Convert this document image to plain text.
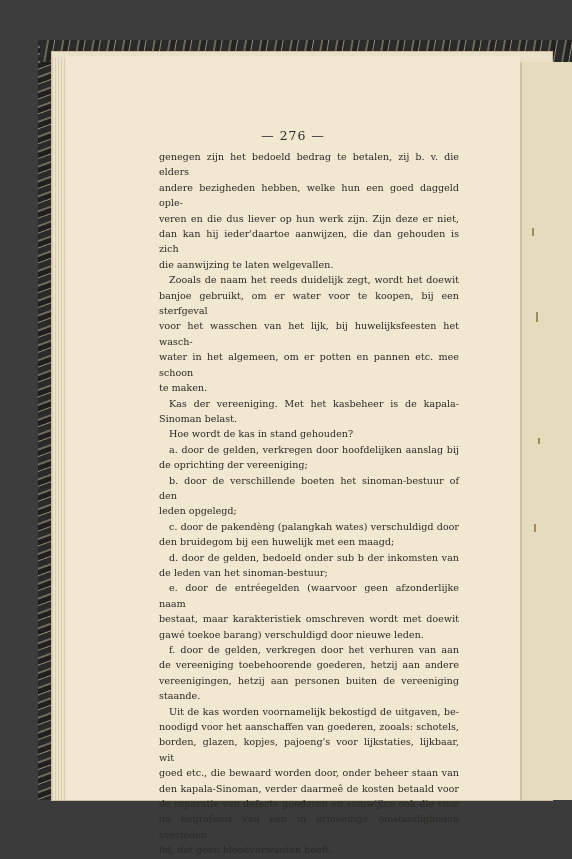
— 276 —
genegen zijn het bedoeld bedrag te betalen, zij b. v. die elders
andere bezigheden hebben, welke hun een goed daggeld ople-
veren en die dus liever op hun werk zijn. Zijn deze er niet,
dan kan hij ieder'daartoe aanwijzen, die dan gehouden is zich
die aanwijzing te laten welgevallen.
Zooals de naam het reeds duidelijk zegt, wordt het doewit
banjoe gebruikt, om er water voor te koopen, bij een sterfgeval
voor het wasschen van het lijk, bij huwelijksfeesten het wasch-
water in het algemeen, om er potten en pannen etc. mee schoon
te maken.
Kas der vereeniging. Met het kasbeheer is de kapala-
Sinoman belast.
Hoe wordt de kas in stand gehouden?
a. door de gelden, verkregen door hoofdelijken aanslag bij
de oprichting der vereeniging;
b. door de verschillende boeten het sinoman-bestuur of den
leden opgelegd;
c. door de pakendèng (palangkah wates) verschuldigd door
den bruidegom bij een huwelijk met een maagd;
d. door de gelden, bedoeld onder sub b der inkomsten van
de leden van het sinoman-bestuur;
e. door de entréegelden (waarvoor geen afzonderlijke naam
bestaat, maar karakteristiek omschreven wordt met doewit
gawé toekoe barang) verschuldigd door nieuwe leden.
f. door de gelden, verkregen door het verhuren van aan
de vereeniging toebehoorende goederen, hetzij aan andere
vereenigingen, hetzij aan personen buiten de vereeniging
staande.
Uit de kas worden voornamelijk bekostigd de uitgaven, be-
noodigd voor het aanschaffen van goederen, zooals: schotels,
borden, glazen, kopjes, pajoeng's voor lijkstaties, lijkbaar, wit
goed etc., die bewaard worden door, onder beheer staan van
den kapala-Sinoman, verder daarmeê de kosten betaald voor
de reparatie van defecte goederen en somwijlen ook die voor
de begrafenis van een in armoedige omstandigheden overleden
lid, dat geen bloedverwanten heeft.
